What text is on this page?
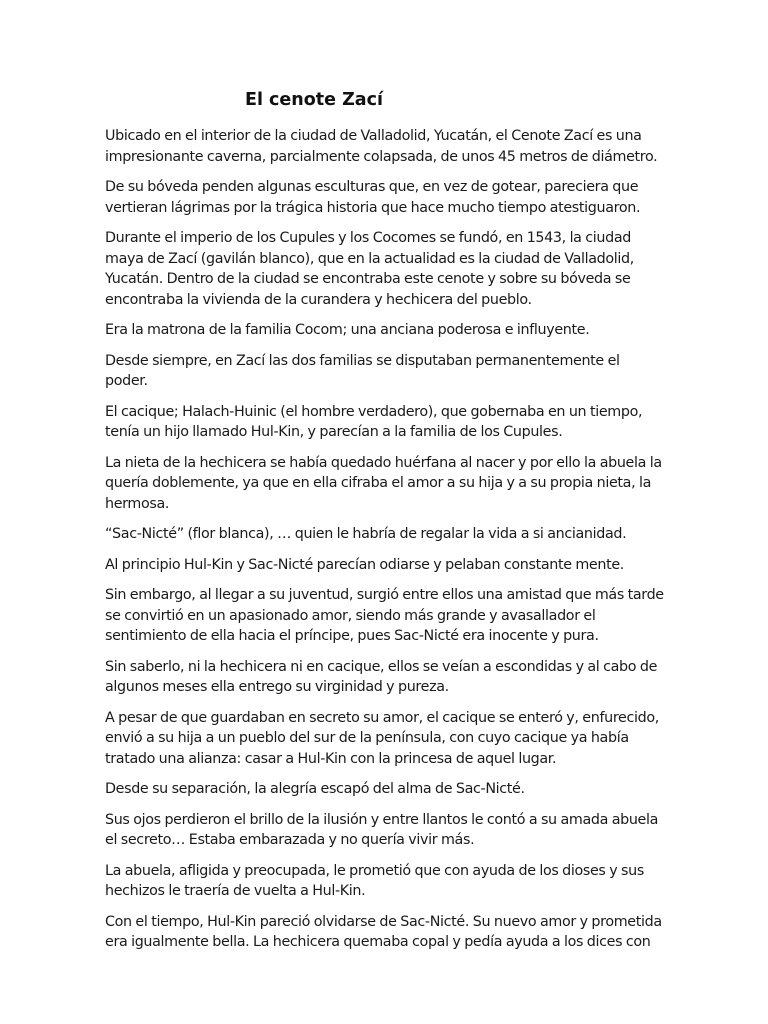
El cenote Zací

Ubicado en el interior de la ciudad de Valladolid, Yucatán, el Cenote Zací es una impresionante caverna, parcialmente colapsada, de unos 45 metros de diámetro.

De su bóveda penden algunas esculturas que, en vez de gotear, pareciera que vertieran lágrimas por la trágica historia que hace mucho tiempo atestiguaron.

Durante el imperio de los Cupules y los Cocomes se fundó, en 1543, la ciudad maya de Zací (gavilán blanco), que en la actualidad es la ciudad de Valladolid, Yucatán. Dentro de la ciudad se encontraba este cenote y sobre su bóveda se encontraba la vivienda de la curandera y hechicera del pueblo.

Era la matrona de la familia Cocom; una anciana poderosa e influyente.

Desde siempre, en Zací las dos familias se disputaban permanentemente el poder.

El cacique; Halach-Huinic (el hombre verdadero), que gobernaba en un tiempo, tenía un hijo llamado Hul-Kin, y parecían a la familia de los Cupules.

La nieta de la hechicera se había quedado huérfana al nacer y por ello la abuela la quería doblemente, ya que en ella cifraba el amor a su hija y a su propia nieta, la hermosa.

“Sac-Nicté” (flor blanca), … quien le habría de regalar la vida a si ancianidad.

Al principio Hul-Kin y Sac-Nicté parecían odiarse y pelaban constante mente.

Sin embargo, al llegar a su juventud, surgió entre ellos una amistad que más tarde se convirtió en un apasionado amor, siendo más grande y avasallador el sentimiento de ella hacia el príncipe, pues Sac-Nicté era inocente y pura.

Sin saberlo, ni la hechicera ni en cacique, ellos se veían a escondidas y al cabo de algunos meses ella entrego su virginidad y pureza.

A pesar de que guardaban en secreto su amor, el cacique se enteró y, enfurecido, envió a su hija a un pueblo del sur de la península, con cuyo cacique ya había tratado una alianza: casar a Hul-Kin con la princesa de aquel lugar.

Desde su separación, la alegría escapó del alma de Sac-Nicté.

Sus ojos perdieron el brillo de la ilusión y entre llantos le contó a su amada abuela el secreto… Estaba embarazada y no quería vivir más.

La abuela, afligida y preocupada, le prometió que con ayuda de los dioses y sus hechizos le traería de vuelta a Hul-Kin.

Con el tiempo, Hul-Kin pareció olvidarse de Sac-Nicté. Su nuevo amor y prometida era igualmente bella. La hechicera quemaba copal y pedía ayuda a los dices con
